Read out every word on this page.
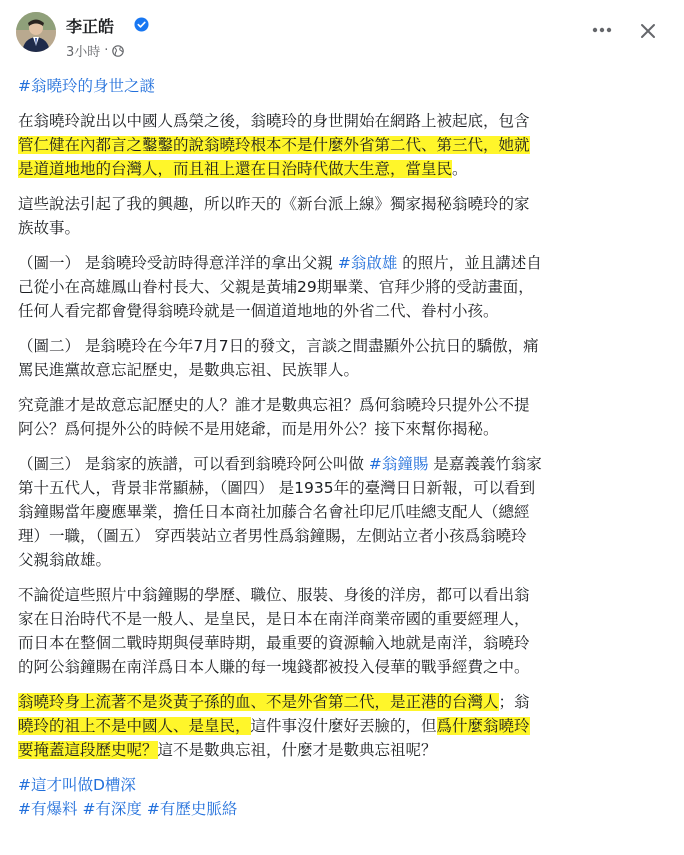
李正皓
3小時 ·

#翁曉玲的身世之謎

在翁曉玲說出以中國人爲榮之後，翁曉玲的身世開始在網路上被起底，包含
管仁健在內都言之鑿鑿的說翁曉玲根本不是什麼外省第二代、第三代，她就
是道道地地的台灣人，而且祖上還在日治時代做大生意，當皇民。

這些說法引起了我的興趣，所以昨天的《新台派上線》獨家揭秘翁曉玲的家
族故事。

（圖一） 是翁曉玲受訪時得意洋洋的拿出父親 #翁啟雄 的照片，並且講述自
己從小在高雄鳳山眷村長大、父親是黃埔29期畢業、官拜少將的受訪畫面，
任何人看完都會覺得翁曉玲就是一個道道地地的外省二代、眷村小孩。

（圖二） 是翁曉玲在今年7月7日的發文，言談之間盡顯外公抗日的驕傲，痛
罵民進黨故意忘記歷史，是數典忘祖、民族罪人。

究竟誰才是故意忘記歷史的人？誰才是數典忘祖？爲何翁曉玲只提外公不提
阿公？爲何提外公的時候不是用姥爺，而是用外公？接下來幫你揭秘。

（圖三） 是翁家的族譜，可以看到翁曉玲阿公叫做 #翁鐘賜 是嘉義義竹翁家
第十五代人，背景非常顯赫，（圖四） 是1935年的臺灣日日新報，可以看到
翁鐘賜當年慶應畢業，擔任日本商社加藤合名會社印尼爪哇總支配人（總經
理）一職，（圖五） 穿西裝站立者男性爲翁鐘賜，左側站立者小孩爲翁曉玲
父親翁啟雄。

不論從這些照片中翁鐘賜的學歷、職位、服裝、身後的洋房，都可以看出翁
家在日治時代不是一般人、是皇民，是日本在南洋商業帝國的重要經理人，
而日本在整個二戰時期與侵華時期，最重要的資源輸入地就是南洋，翁曉玲
的阿公翁鐘賜在南洋爲日本人賺的每一塊錢都被投入侵華的戰爭經費之中。

翁曉玲身上流著不是炎黃子孫的血、不是外省第二代，是正港的台灣人；翁
曉玲的祖上不是中國人、是皇民，這件事沒什麼好丟臉的，但爲什麼翁曉玲
要掩蓋這段歷史呢？這不是數典忘祖，什麼才是數典忘祖呢？

#這才叫做D槽深
#有爆料 #有深度 #有歷史脈絡
